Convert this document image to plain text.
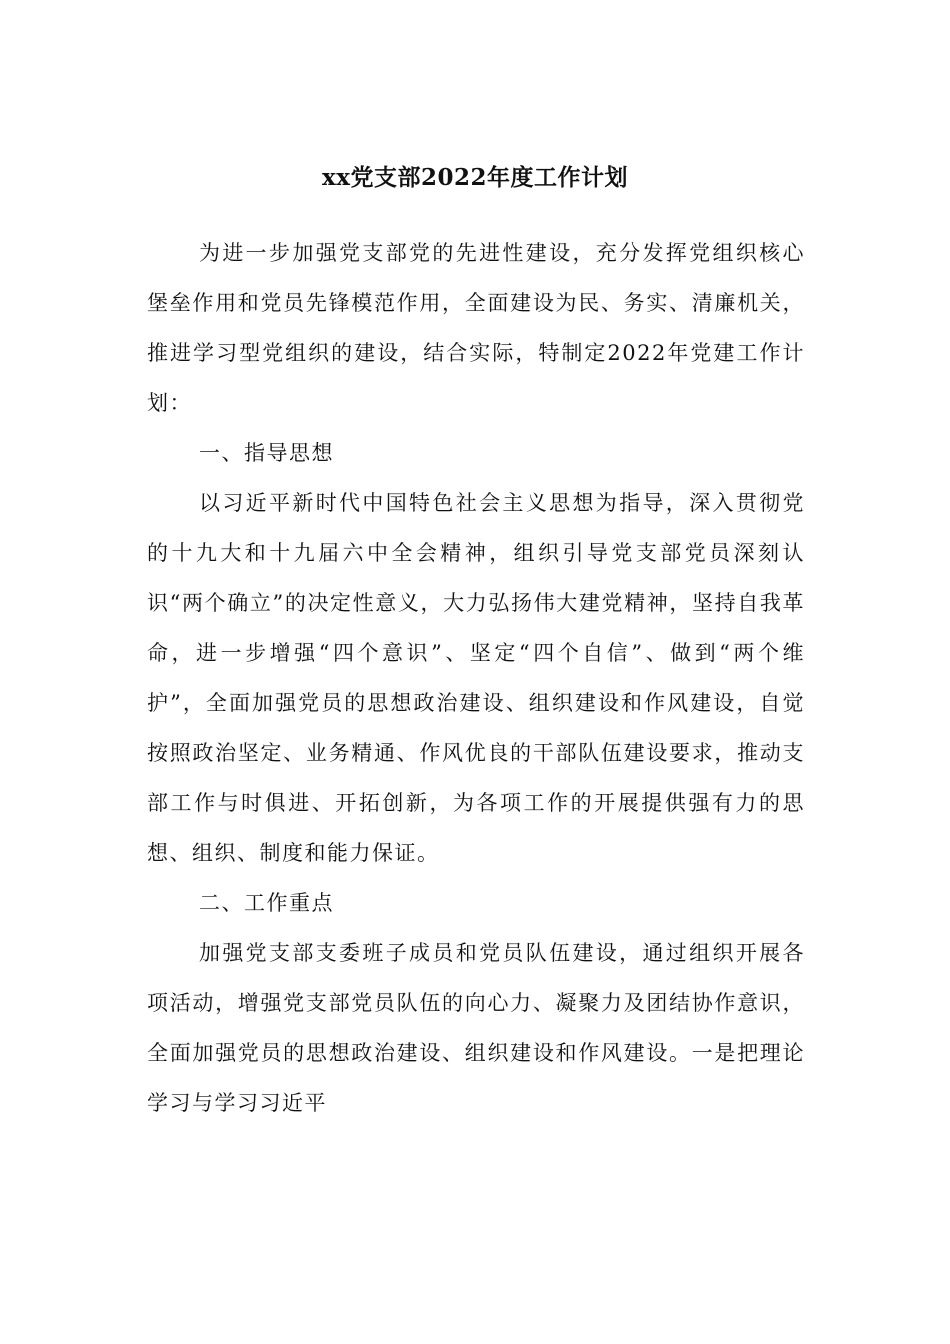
xx党支部2022年度工作计划

为进一步加强党支部党的先进性建设，充分发挥党组织核心堡垒作用和党员先锋模范作用，全面建设为民、务实、清廉机关，推进学习型党组织的建设，结合实际，特制定2022年党建工作计划：

一、指导思想

以习近平新时代中国特色社会主义思想为指导，深入贯彻党的十九大和十九届六中全会精神，组织引导党支部党员深刻认识“两个确立”的决定性意义，大力弘扬伟大建党精神，坚持自我革命，进一步增强“四个意识”、坚定“四个自信”、做到“两个维护”，全面加强党员的思想政治建设、组织建设和作风建设，自觉按照政治坚定、业务精通、作风优良的干部队伍建设要求，推动支部工作与时俱进、开拓创新，为各项工作的开展提供强有力的思想、组织、制度和能力保证。

二、工作重点

加强党支部支委班子成员和党员队伍建设，通过组织开展各项活动，增强党支部党员队伍的向心力、凝聚力及团结协作意识，全面加强党员的思想政治建设、组织建设和作风建设。一是把理论学习与学习习近平
